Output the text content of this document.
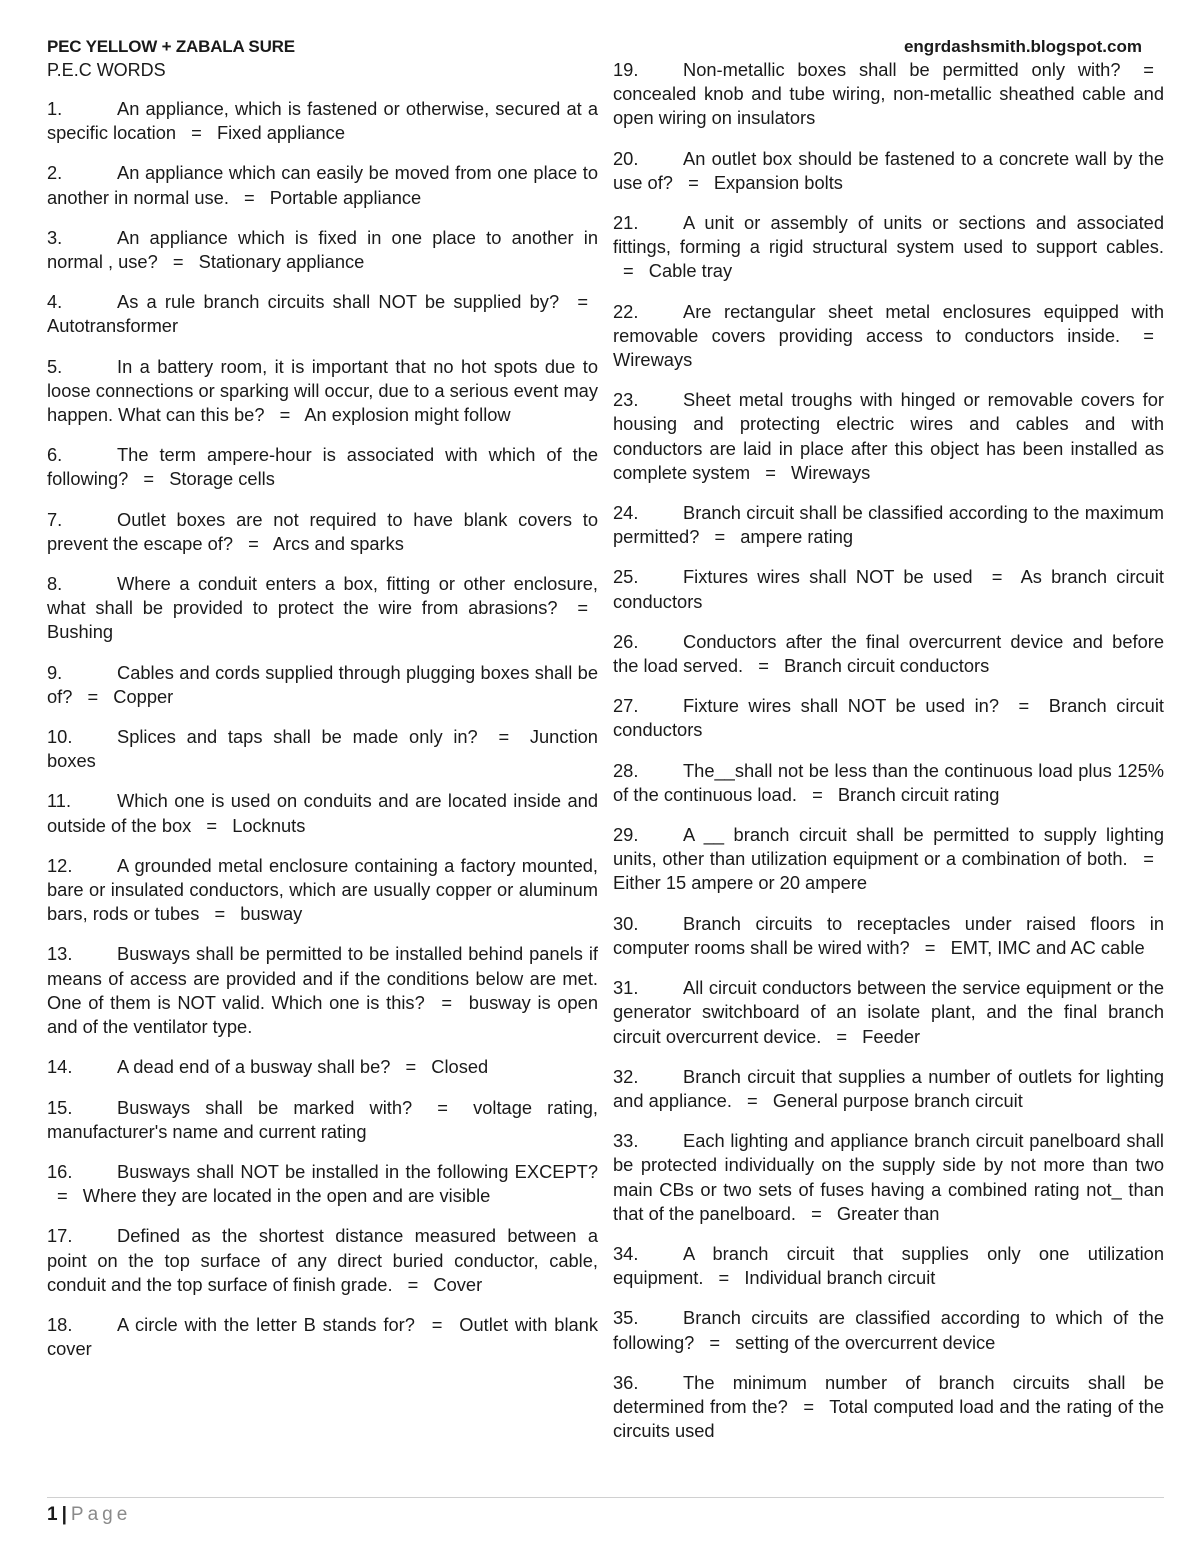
PEC YELLOW + ZABALA SURE	engrdashsmith.blogspot.com
P.E.C WORDS
1.	An appliance, which is fastened or otherwise, secured at a specific location = Fixed appliance
2.	An appliance which can easily be moved from one place to another in normal use. = Portable appliance
3.	An appliance which is fixed in one place to another in normal , use? = Stationary appliance
4.	As a rule branch circuits shall NOT be supplied by? = Autotransformer
5.	In a battery room, it is important that no hot spots due to loose connections or sparking will occur, due to a serious event may happen. What can this be? = An explosion might follow
6.	The term ampere-hour is associated with which of the following? = Storage cells
7.	Outlet boxes are not required to have blank covers to prevent the escape of? = Arcs and sparks
8.	Where a conduit enters a box, fitting or other enclosure, what shall be provided to protect the wire from abrasions? = Bushing
9.	Cables and cords supplied through plugging boxes shall be of? = Copper
10. Splices and taps shall be made only in? = Junction boxes
11.	Which one is used on conduits and are located inside and outside of the box = Locknuts
12. A grounded metal enclosure containing a factory mounted, bare or insulated conductors, which are usually copper or aluminum bars, rods or tubes = busway
13. Busways shall be permitted to be installed behind panels if means of access are provided and if the conditions below are met. One of them is NOT valid. Which one is this? = busway is open and of the ventilator type.
14. A dead end of a busway shall be? = Closed
15. Busways shall be marked with? = voltage rating, manufacturer's name and current rating
16. Busways shall NOT be installed in the following EXCEPT? = Where they are located in the open and are visible
17. Defined as the shortest distance measured between a point on the top surface of any direct buried conductor, cable, conduit and the top surface of finish grade. = Cover
18. A circle with the letter B stands for? = Outlet with blank cover
19. Non-metallic boxes shall be permitted only with? = concealed knob and tube wiring, non-metallic sheathed cable and open wiring on insulators
20. An outlet box should be fastened to a concrete wall by the use of? = Expansion bolts
21. A unit or assembly of units or sections and associated fittings, forming a rigid structural system used to support cables. = Cable tray
22. Are rectangular sheet metal enclosures equipped with removable covers providing access to conductors inside. = Wireways
23. Sheet metal troughs with hinged or removable covers for housing and protecting electric wires and cables and with conductors are laid in place after this object has been installed as complete system = Wireways
24. Branch circuit shall be classified according to the maximum permitted? = ampere rating
25. Fixtures wires shall NOT be used = As branch circuit conductors
26. Conductors after the final overcurrent device and before the load served. = Branch circuit conductors
27. Fixture wires shall NOT be used in? = Branch circuit conductors
28. The__shall not be less than the continuous load plus 125% of the continuous load. = Branch circuit rating
29. A __ branch circuit shall be permitted to supply lighting units, other than utilization equipment or a combination of both. = Either 15 ampere or 20 ampere
30. Branch circuits to receptacles under raised floors in computer rooms shall be wired with? = EMT, IMC and AC cable
31. All circuit conductors between the service equipment or the generator switchboard of an isolate plant, and the final branch circuit overcurrent device. = Feeder
32. Branch circuit that supplies a number of outlets for lighting and appliance. = General purpose branch circuit
33. Each lighting and appliance branch circuit panelboard shall be protected individually on the supply side by not more than two main CBs or two sets of fuses having a combined rating not_ than that of the panelboard. = Greater than
34. A branch circuit that supplies only one utilization equipment. = Individual branch circuit
35. Branch circuits are classified according to which of the following? = setting of the overcurrent device
36. The minimum number of branch circuits shall be determined from the? = Total computed load and the rating of the circuits used
1 | Page
